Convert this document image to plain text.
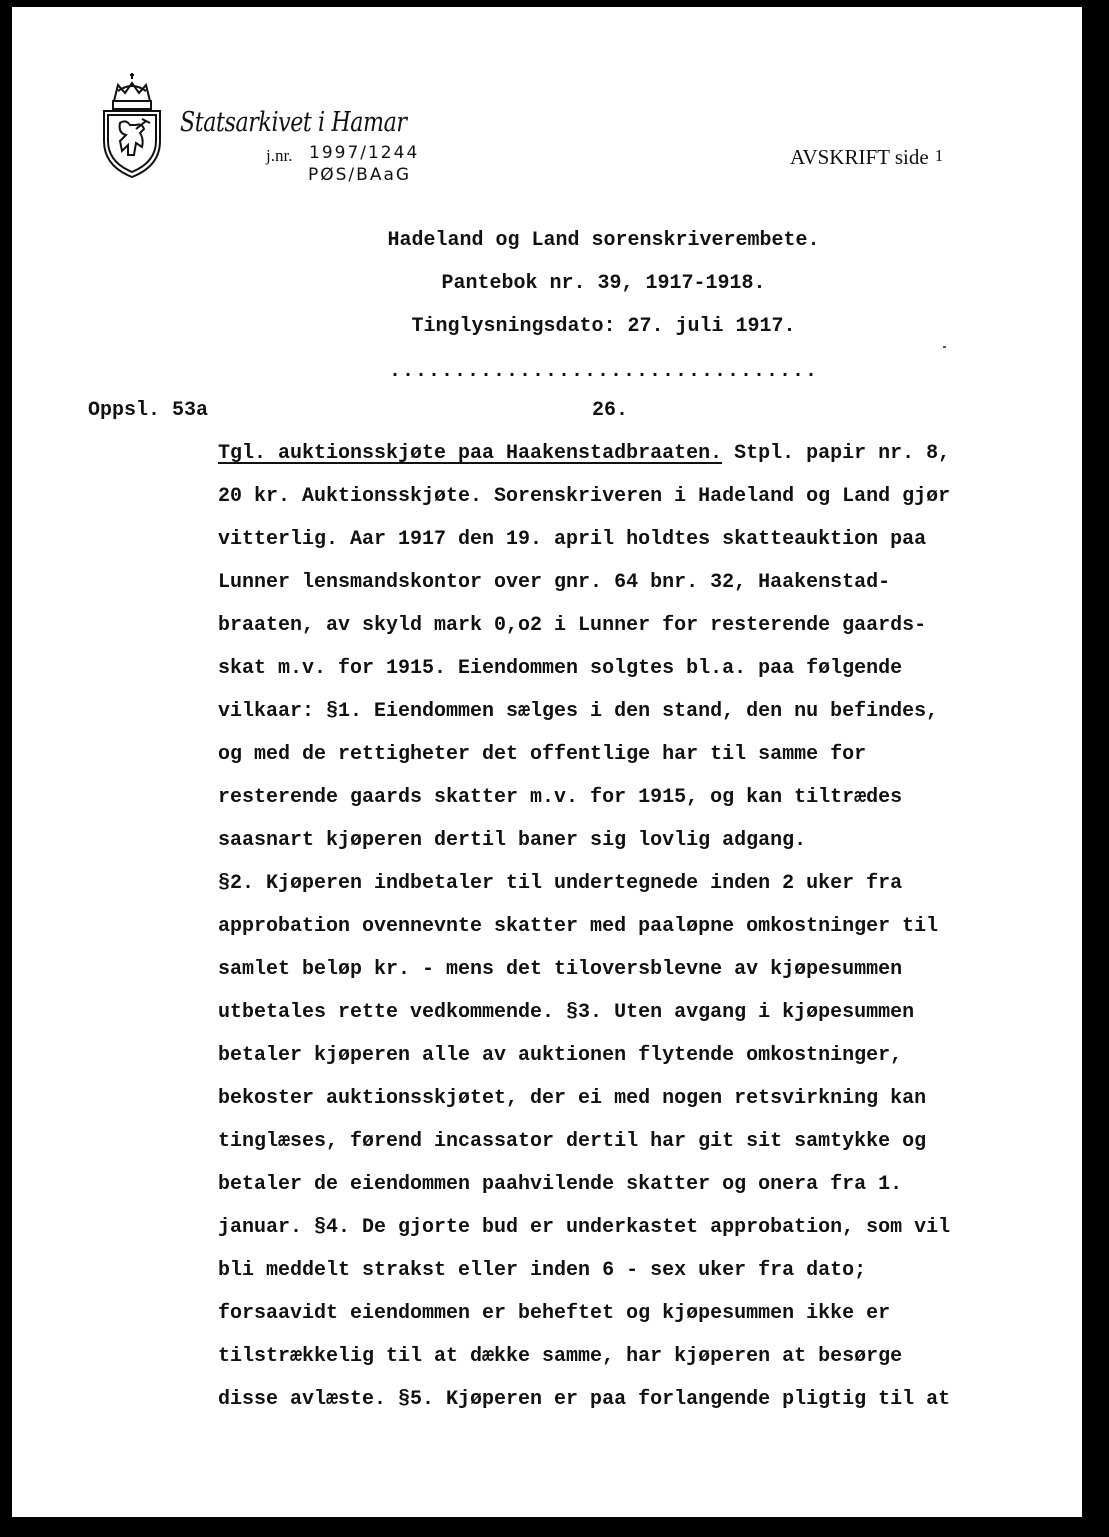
Statsarkivet i Hamar
j.nr. 1997/1244
PØS/BAaG
AVSKRIFT side 1
Hadeland og Land sorenskriverembete.
Pantebok nr. 39, 1917-1918.
Tinglysningsdato: 27. juli 1917.
.................................
Oppsl. 53a	26.
Tgl. auktionsskjøte paa Haakenstadbraaten. Stpl. papir nr. 8,
20 kr. Auktionsskjøte. Sorenskriveren i Hadeland og Land gjør
vitterlig. Aar 1917 den 19. april holdtes skatteauktion paa
Lunner lensmandskontor over gnr. 64 bnr. 32, Haakenstad-
braaten, av skyld mark 0,o2 i Lunner for resterende gaards-
skat m.v. for 1915. Eiendommen solgtes bl.a. paa følgende
vilkaar: §1. Eiendommen sælges i den stand, den nu befindes,
og med de rettigheter det offentlige har til samme for
resterende gaards skatter m.v. for 1915, og kan tiltrædes
saasnart kjøperen dertil baner sig lovlig adgang.
§2. Kjøperen indbetaler til undertegnede inden 2 uker fra
approbation ovennevnte skatter med paaløpne omkostninger til
samlet beløp kr. - mens det tiloversblevne av kjøpesummen
utbetales rette vedkommende. §3. Uten avgang i kjøpesummen
betaler kjøperen alle av auktionen flytende omkostninger,
bekoster auktionsskjøtet, der ei med nogen retsvirkning kan
tinglæses, førend incassator dertil har git sit samtykke og
betaler de eiendommen paahvilende skatter og onera fra 1.
januar. §4. De gjorte bud er underkastet approbation, som vil
bli meddelt strakst eller inden 6 - sex uker fra dato;
forsaavidt eiendommen er beheftet og kjøpesummen ikke er
tilstrækkelig til at dække samme, har kjøperen at besørge
disse avlæste. §5. Kjøperen er paa forlangende pligtig til at
